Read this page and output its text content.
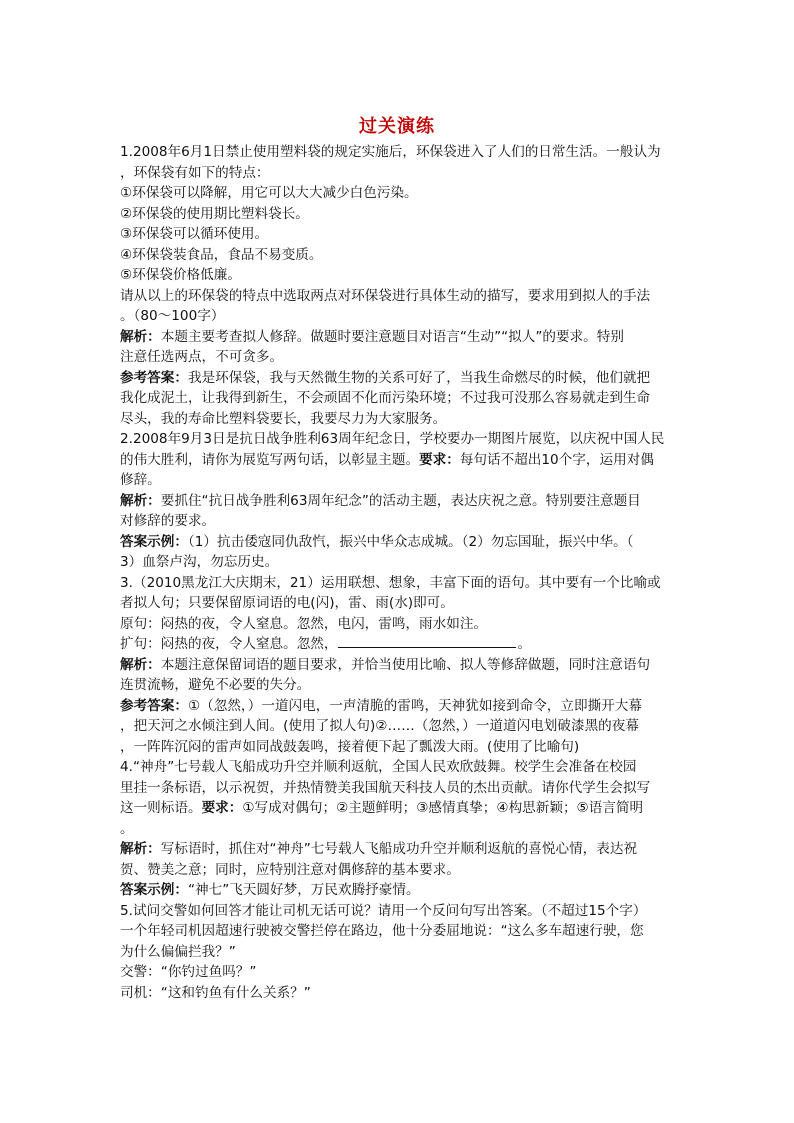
过关演练

1.2008年6月1日禁止使用塑料袋的规定实施后，环保袋进入了人们的日常生活。一般认为

，环保袋有如下的特点：

①环保袋可以降解，用它可以大大减少白色污染。

②环保袋的使用期比塑料袋长。

③环保袋可以循环使用。

④环保袋装食品，食品不易变质。

⑤环保袋价格低廉。

请从以上的环保袋的特点中选取两点对环保袋进行具体生动的描写，要求用到拟人的手法

。（80～100字）

解析：本题主要考查拟人修辞。做题时要注意题目对语言“生动”“拟人”的要求。特别

注意任选两点，不可贪多。

参考答案：我是环保袋，我与天然微生物的关系可好了，当我生命燃尽的时候，他们就把

我化成泥土，让我得到新生，不会顽固不化而污染环境；不过我可没那么容易就走到生命

尽头，我的寿命比塑料袋要长，我要尽力为大家服务。

2.2008年9月3日是抗日战争胜利63周年纪念日，学校要办一期图片展览，以庆祝中国人民

的伟大胜利，请你为展览写两句话，以彰显主题。要求：每句话不超出10个字，运用对偶

修辞。

解析：要抓住“抗日战争胜利63周年纪念”的活动主题，表达庆祝之意。特别要注意题目

对修辞的要求。

答案示例：（1）抗击倭寇同仇敌忾，振兴中华众志成城。（2）勿忘国耻，振兴中华。（

3）血祭卢沟，勿忘历史。

3.（2010黑龙江大庆期末，21）运用联想、想象，丰富下面的语句。其中要有一个比喻或

者拟人句；只要保留原词语的电(闪)，雷、雨(水)即可。

原句：闷热的夜，令人窒息。忽然，电闪，雷鸣，雨水如注。

扩句：闷热的夜，令人窒息。忽然，	。

解析：本题注意保留词语的题目要求，并恰当使用比喻、拟人等修辞做题，同时注意语句

连贯流畅，避免不必要的失分。

参考答案：①（忽然，）一道闪电，一声清脆的雷鸣，天神犹如接到命令，立即撕开大幕

，把天河之水倾注到人间。(使用了拟人句)②……（忽然，）一道道闪电划破漆黑的夜幕

，一阵阵沉闷的雷声如同战鼓轰鸣，接着便下起了瓢泼大雨。(使用了比喻句)

4.“神舟”七号载人飞船成功升空并顺利返航，全国人民欢欣鼓舞。校学生会准备在校园

里挂一条标语，以示祝贺，并热情赞美我国航天科技人员的杰出贡献。请你代学生会拟写

这一则标语。要求：①写成对偶句；②主题鲜明；③感情真挚；④构思新颖；⑤语言简明

。

解析：写标语时，抓住对“神舟”七号载人飞船成功升空并顺利返航的喜悦心情，表达祝

贺、赞美之意；同时，应特别注意对偶修辞的基本要求。

答案示例：“神七”飞天圆好梦，万民欢腾抒豪情。

5.试问交警如何回答才能让司机无话可说？请用一个反问句写出答案。（不超过15个字）

一个年轻司机因超速行驶被交警拦停在路边，他十分委屈地说：“这么多车超速行驶，您

为什么偏偏拦我？”

交警：“你钓过鱼吗？”

司机：“这和钓鱼有什么关系？”
